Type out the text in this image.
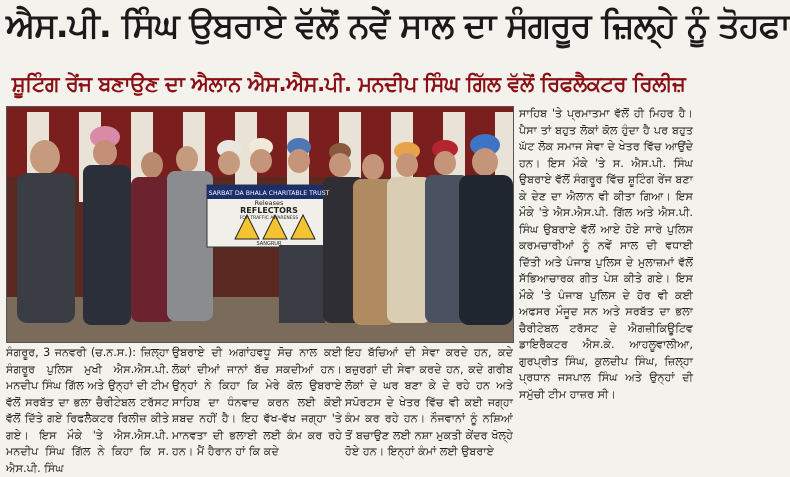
ਐਸ.ਪੀ. ਸਿੰਘ ਉਬਰਾਏ ਵੱਲੋਂ ਨਵੇਂ ਸਾਲ ਦਾ ਸੰਗਰੂਰ ਜ਼ਿਲ੍ਹੇ ਨੂੰ ਤੋਹਫਾ
ਸ਼ੂਟਿੰਗ ਰੇਂਜ ਬਣਾਉਣ ਦਾ ਐਲਾਨ ਐਸ.ਐਸ.ਪੀ. ਮਨਦੀਪ ਸਿੰਘ ਗਿੱਲ ਵੱਲੋਂ ਰਿਫਲੈਕਟਰ ਰਿਲੀਜ਼
SARBAT DA BHALA CHARITABLE TRUST
Releases
REFLECTORS
FOR TRAFFIC AWARENESS
SANGRUR
ਸੰਗਰੂਰ, 3 ਜਨਵਰੀ (ਚ.ਨ.ਸ.): ਜ਼ਿਲ੍ਹਾ ਸੰਗਰੂਰ ਪੁਲਿਸ ਮੁਖੀ ਐਸ.ਐਸ.ਪੀ. ਮਨਦੀਪ ਸਿੰਘ ਗਿੱਲ ਅਤੇ ਉਨ੍ਹਾਂ ਦੀ ਟੀਮ ਵੱਲੋਂ ਸਰਬੱਤ ਦਾ ਭਲਾ ਚੈਰੀਟੇਬਲ ਟਰੱਸਟ ਵੱਲੋਂ ਦਿੱਤੇ ਗਏ ਰਿਫਲੈਕਟਰ ਰਿਲੀਜ਼ ਕੀਤੇ ਗਏ। ਇਸ ਮੌਕੇ 'ਤੇ ਐਸ.ਐਸ.ਪੀ. ਮਨਦੀਪ ਸਿੰਘ ਗਿੱਲ ਨੇ ਕਿਹਾ ਕਿ ਸ. ਐਸ.ਪੀ. ਸਿੰਘ
ਉਬਰਾਏ ਦੀ ਅਗਾਂਹਵਧੂ ਸੋਚ ਨਾਲ ਕਈ ਲੋਕਾਂ ਦੀਆਂ ਜਾਨਾਂ ਬੱਚ ਸਕਦੀਆਂ ਹਨ। ਉਨ੍ਹਾਂ ਨੇ ਕਿਹਾ ਕਿ ਮੇਰੇ ਕੋਲ ਉਬਰਾਏ ਸਾਹਿਬ ਦਾ ਧੰਨਵਾਦ ਕਰਨ ਲਈ ਕੋਈ ਸ਼ਬਦ ਨਹੀਂ ਹੈ। ਇਹ ਵੱਖ-ਵੱਖ ਜਗ੍ਹਾ 'ਤੇ ਮਾਨਵਤਾ ਦੀ ਭਲਾਈ ਲਈ ਕੰਮ ਕਰ ਰਹੇ ਹਨ। ਮੈਂ ਹੈਰਾਨ ਹਾਂ ਕਿ ਕਦੇ
ਇਹ ਬੱਚਿਆਂ ਦੀ ਸੇਵਾ ਕਰਦੇ ਹਨ, ਕਦੇ ਬਜ਼ੁਰਗਾਂ ਦੀ ਸੇਵਾ ਕਰਦੇ ਹਨ, ਕਦੇ ਗਰੀਬ ਲੋਕਾਂ ਦੇ ਘਰ ਬਣਾ ਕੇ ਦੇ ਰਹੇ ਹਨ ਅਤੇ ਸਪੋਰਟਸ ਦੇ ਖੇਤਰ ਵਿੱਚ ਵੀ ਕਈ ਜਗ੍ਹਾ ਕੰਮ ਕਰ ਰਹੇ ਹਨ। ਨੌਜਵਾਨਾਂ ਨੂੰ ਨਸ਼ਿਆਂ ਤੋਂ ਬਚਾਉਣ ਲਈ ਨਸ਼ਾ ਮੁਕਤੀ ਕੇਂਦਰ ਖੋਲ੍ਹੇ ਹੋਏ ਹਨ। ਇਨ੍ਹਾਂ ਕੰਮਾਂ ਲਈ ਉਬਰਾਏ
ਸਾਹਿਬ 'ਤੇ ਪ੍ਰਮਾਤਮਾ ਵੱਲੋਂ ਹੀ ਮਿਹਰ ਹੈ। ਪੈਸਾ ਤਾਂ ਬਹੁਤ ਲੋਕਾਂ ਕੋਲ ਹੁੰਦਾ ਹੈ ਪਰ ਬਹੁਤ ਘੱਟ ਲੋਕ ਸਮਾਜ ਸੇਵਾ ਦੇ ਖੇਤਰ ਵਿੱਚ ਆਉਂਦੇ ਹਨ। ਇਸ ਮੌਕੇ 'ਤੇ ਸ. ਐਸ.ਪੀ. ਸਿੰਘ ਉਬਰਾਏ ਵੱਲੋਂ ਸੰਗਰੂਰ ਵਿੱਚ ਸ਼ੂਟਿੰਗ ਰੇਂਜ ਬਣਾ ਕੇ ਦੇਣ ਦਾ ਐਲਾਨ ਵੀ ਕੀਤਾ ਗਿਆ। ਇਸ ਮੌਕੇ 'ਤੇ ਐਸ.ਐਸ.ਪੀ. ਗਿੱਲ ਅਤੇ ਐਸ.ਪੀ. ਸਿੰਘ ਉਬਰਾਏ ਵੱਲੋਂ ਆਏ ਹੋਏ ਸਾਰੇ ਪੁਲਿਸ ਕਰਮਚਾਰੀਆਂ ਨੂੰ ਨਵੇਂ ਸਾਲ ਦੀ ਵਧਾਈ ਦਿੱਤੀ ਅਤੇ ਪੰਜਾਬ ਪੁਲਿਸ ਦੇ ਮੁਲਾਜ਼ਮਾਂ ਵੱਲੋਂ ਸੱਭਿਆਚਾਰਕ ਗੀਤ ਪੇਸ਼ ਕੀਤੇ ਗਏ। ਇਸ ਮੌਕੇ 'ਤੇ ਪੰਜਾਬ ਪੁਲਿਸ ਦੇ ਹੋਰ ਵੀ ਕਈ ਅਫਸਰ ਮੌਜੂਦ ਸਨ ਅਤੇ ਸਰਬੱਤ ਦਾ ਭਲਾ ਚੈਰੀਟੇਬਲ ਟਰੱਸਟ ਦੇ ਐਗਜ਼ੀਕਿਊਟਿਵ ਡਾਇਰੈਕਟਰ ਐਸ.ਕੇ. ਆਹਲੂਵਾਲੀਆ, ਗੁਰਪ੍ਰੀਤ ਸਿੰਘ, ਕੁਲਦੀਪ ਸਿੰਘ, ਜ਼ਿਲ੍ਹਾ ਪ੍ਰਧਾਨ ਜਸਪਾਲ ਸਿੰਘ ਅਤੇ ਉਨ੍ਹਾਂ ਦੀ ਸਮੁੱਚੀ ਟੀਮ ਹਾਜ਼ਰ ਸੀ।
